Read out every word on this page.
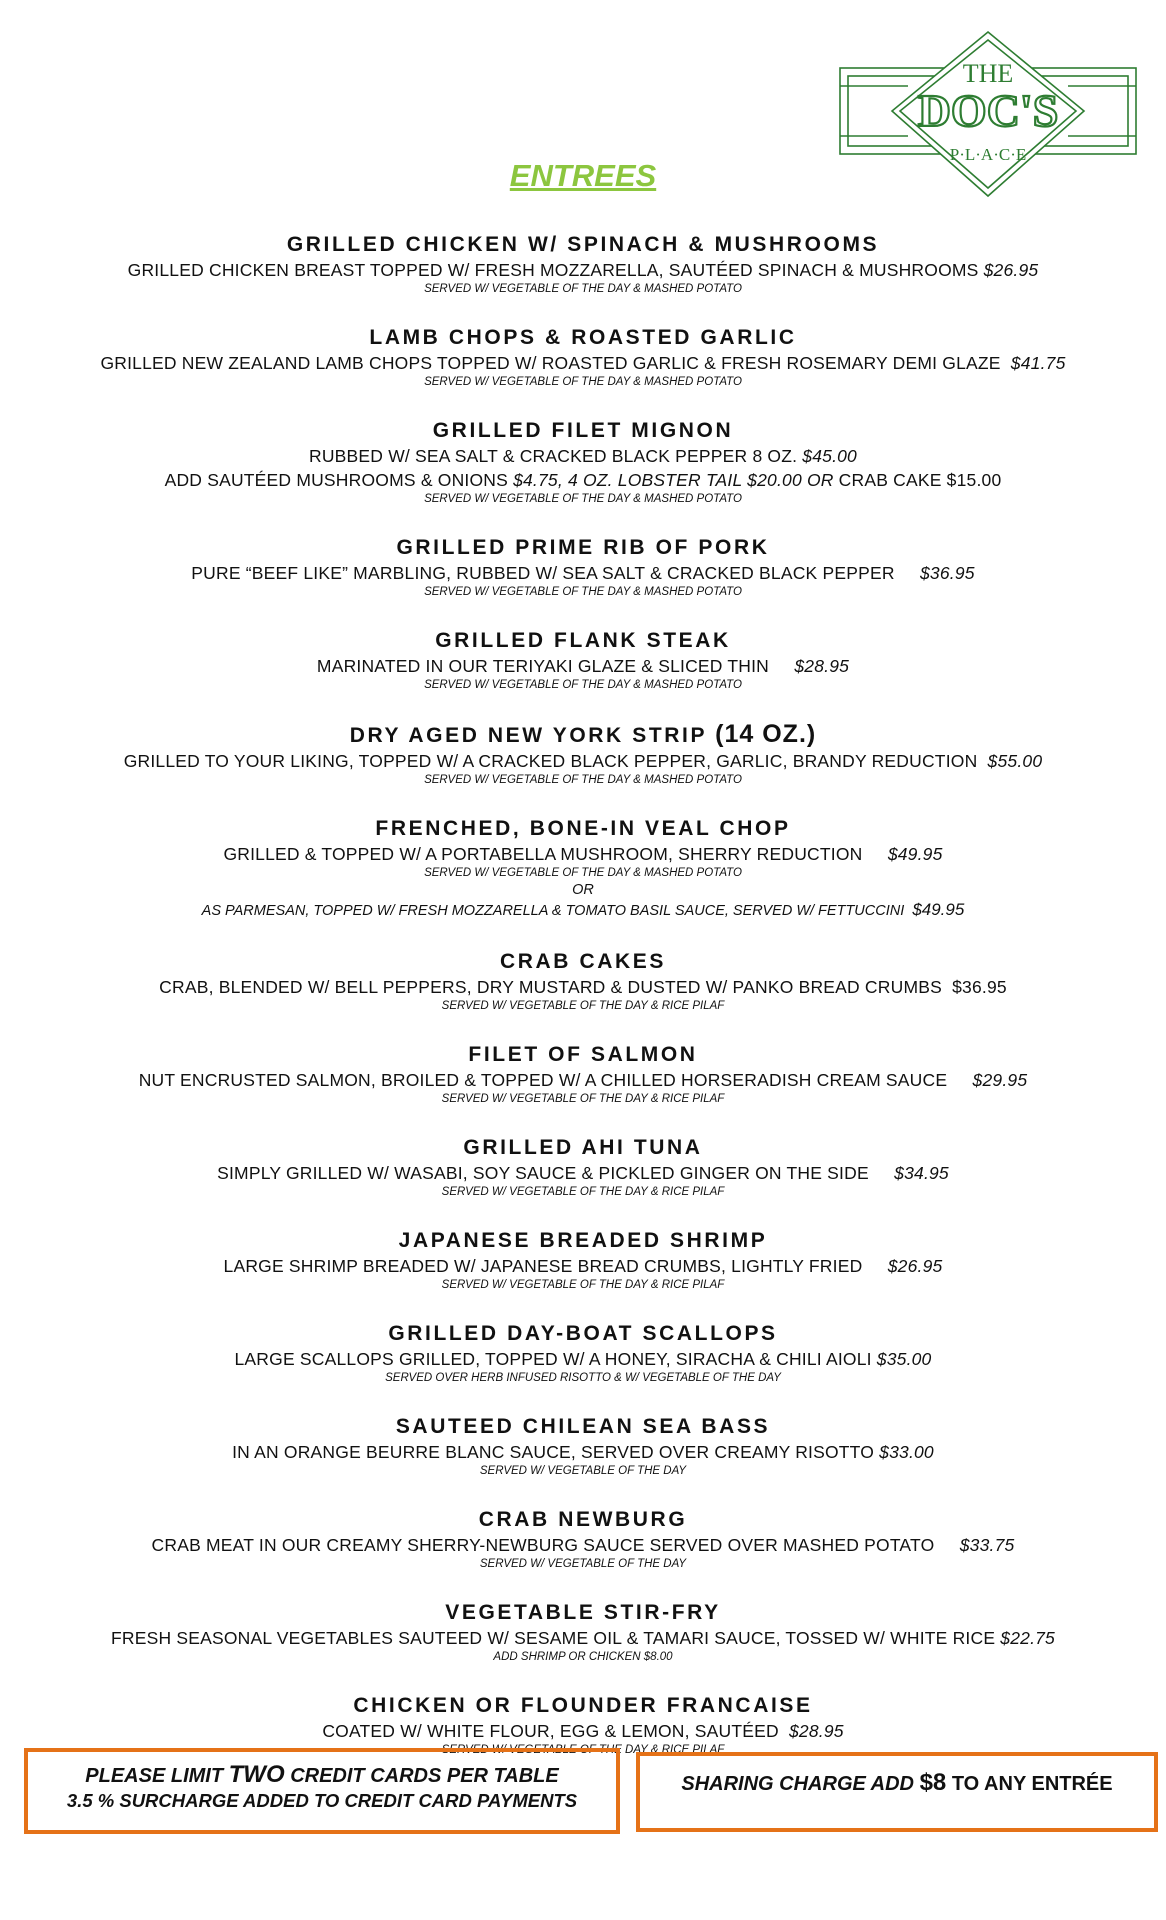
THE
DOC'S
P·L·A·C·E
ENTREES
GRILLED CHICKEN W/ SPINACH & MUSHROOMS
GRILLED CHICKEN BREAST TOPPED W/ FRESH MOZZARELLA, SAUTÉED SPINACH & MUSHROOMS $26.95
SERVED W/ VEGETABLE OF THE DAY & MASHED POTATO
LAMB CHOPS & ROASTED GARLIC
GRILLED NEW ZEALAND LAMB CHOPS TOPPED W/ ROASTED GARLIC & FRESH ROSEMARY DEMI GLAZE $41.75
SERVED W/ VEGETABLE OF THE DAY & MASHED POTATO
GRILLED FILET MIGNON
RUBBED W/ SEA SALT & CRACKED BLACK PEPPER 8 OZ. $45.00
ADD SAUTÉED MUSHROOMS & ONIONS $4.75, 4 OZ. LOBSTER TAIL $20.00 OR CRAB CAKE $15.00
SERVED W/ VEGETABLE OF THE DAY & MASHED POTATO
GRILLED PRIME RIB OF PORK
PURE “BEEF LIKE” MARBLING, RUBBED W/ SEA SALT & CRACKED BLACK PEPPER $36.95
SERVED W/ VEGETABLE OF THE DAY & MASHED POTATO
GRILLED FLANK STEAK
MARINATED IN OUR TERIYAKI GLAZE & SLICED THIN $28.95
SERVED W/ VEGETABLE OF THE DAY & MASHED POTATO
DRY AGED NEW YORK STRIP (14 OZ.)
GRILLED TO YOUR LIKING, TOPPED W/ A CRACKED BLACK PEPPER, GARLIC, BRANDY REDUCTION $55.00
SERVED W/ VEGETABLE OF THE DAY & MASHED POTATO
FRENCHED, BONE-IN VEAL CHOP
GRILLED & TOPPED W/ A PORTABELLA MUSHROOM, SHERRY REDUCTION $49.95
SERVED W/ VEGETABLE OF THE DAY & MASHED POTATO
OR
AS PARMESAN, TOPPED W/ FRESH MOZZARELLA & TOMATO BASIL SAUCE, SERVED W/ FETTUCCINI $49.95
CRAB CAKES
CRAB, BLENDED W/ BELL PEPPERS, DRY MUSTARD & DUSTED W/ PANKO BREAD CRUMBS $36.95
SERVED W/ VEGETABLE OF THE DAY & RICE PILAF
FILET OF SALMON
NUT ENCRUSTED SALMON, BROILED & TOPPED W/ A CHILLED HORSERADISH CREAM SAUCE $29.95
SERVED W/ VEGETABLE OF THE DAY & RICE PILAF
GRILLED AHI TUNA
SIMPLY GRILLED W/ WASABI, SOY SAUCE & PICKLED GINGER ON THE SIDE $34.95
SERVED W/ VEGETABLE OF THE DAY & RICE PILAF
JAPANESE BREADED SHRIMP
LARGE SHRIMP BREADED W/ JAPANESE BREAD CRUMBS, LIGHTLY FRIED $26.95
SERVED W/ VEGETABLE OF THE DAY & RICE PILAF
GRILLED DAY-BOAT SCALLOPS
LARGE SCALLOPS GRILLED, TOPPED W/ A HONEY, SIRACHA & CHILI AIOLI $35.00
SERVED OVER HERB INFUSED RISOTTO & W/ VEGETABLE OF THE DAY
SAUTEED CHILEAN SEA BASS
IN AN ORANGE BEURRE BLANC SAUCE, SERVED OVER CREAMY RISOTTO $33.00
SERVED W/ VEGETABLE OF THE DAY
CRAB NEWBURG
CRAB MEAT IN OUR CREAMY SHERRY-NEWBURG SAUCE SERVED OVER MASHED POTATO $33.75
SERVED W/ VEGETABLE OF THE DAY
VEGETABLE STIR-FRY
FRESH SEASONAL VEGETABLES SAUTEED W/ SESAME OIL & TAMARI SAUCE, TOSSED W/ WHITE RICE $22.75
ADD SHRIMP OR CHICKEN $8.00
CHICKEN OR FLOUNDER FRANCAISE
COATED W/ WHITE FLOUR, EGG & LEMON, SAUTÉED $28.95
SERVED W/ VEGETABLE OF THE DAY & RICE PILAF
PLEASE LIMIT TWO CREDIT CARDS PER TABLE
3.5 % SURCHARGE ADDED TO CREDIT CARD PAYMENTS
SHARING CHARGE ADD $8 TO ANY ENTRÉE
